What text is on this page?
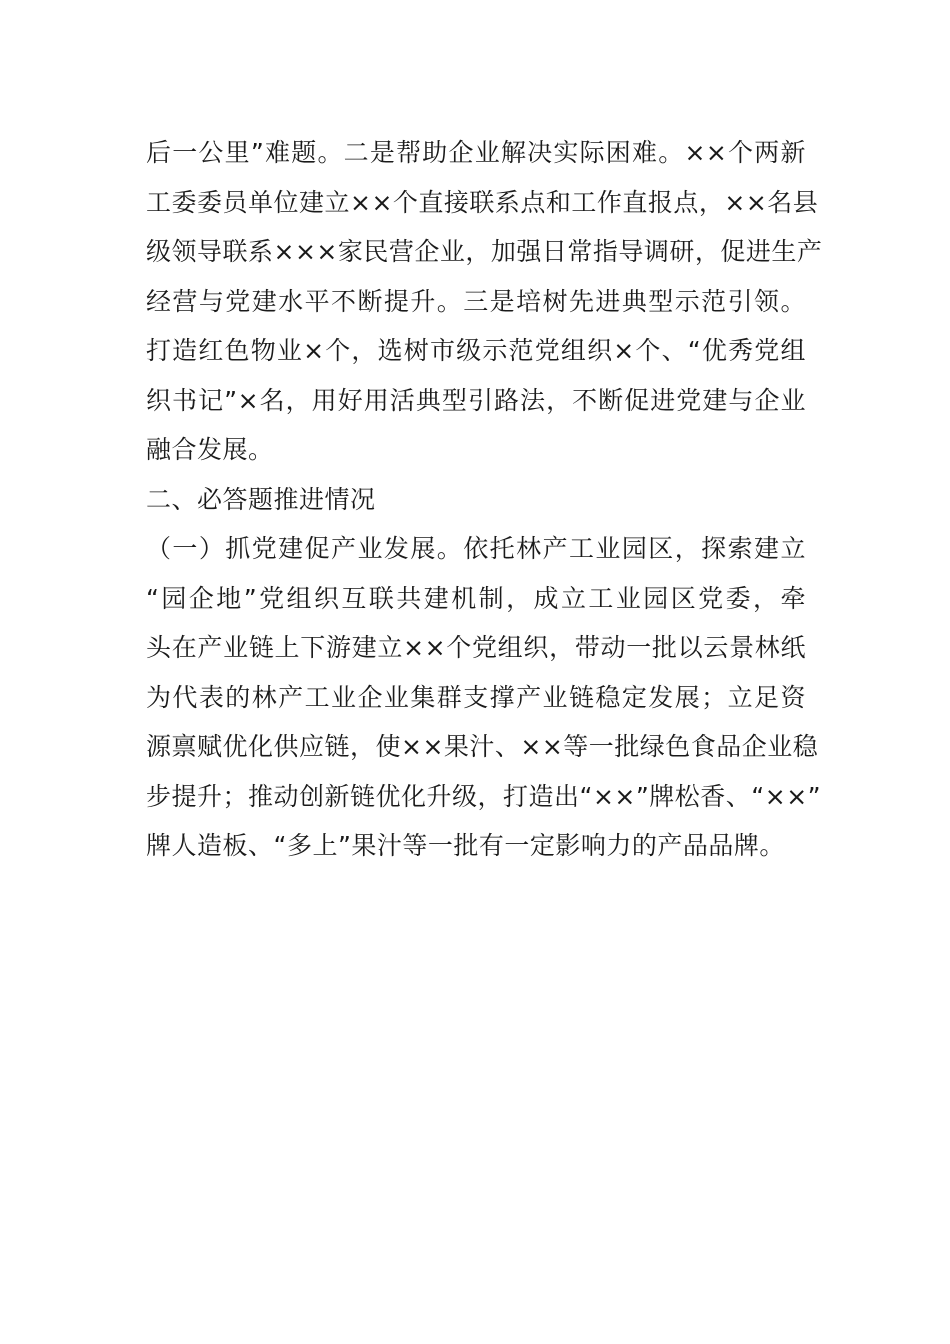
后一公里”难题。二是帮助企业解决实际困难。××个两新
工委委员单位建立××个直接联系点和工作直报点，××名县
级领导联系×××家民营企业，加强日常指导调研，促进生产
经营与党建水平不断提升。三是培树先进典型示范引领。
打造红色物业×个，选树市级示范党组织×个、“优秀党组
织书记”×名，用好用活典型引路法，不断促进党建与企业
融合发展。
二、必答题推进情况
（一）抓党建促产业发展。依托林产工业园区，探索建立
“园企地”党组织互联共建机制，成立工业园区党委，牵
头在产业链上下游建立××个党组织，带动一批以云景林纸
为代表的林产工业企业集群支撑产业链稳定发展；立足资
源禀赋优化供应链，使××果汁、××等一批绿色食品企业稳
步提升；推动创新链优化升级，打造出“××”牌松香、“××”
牌人造板、“多上”果汁等一批有一定影响力的产品品牌。
